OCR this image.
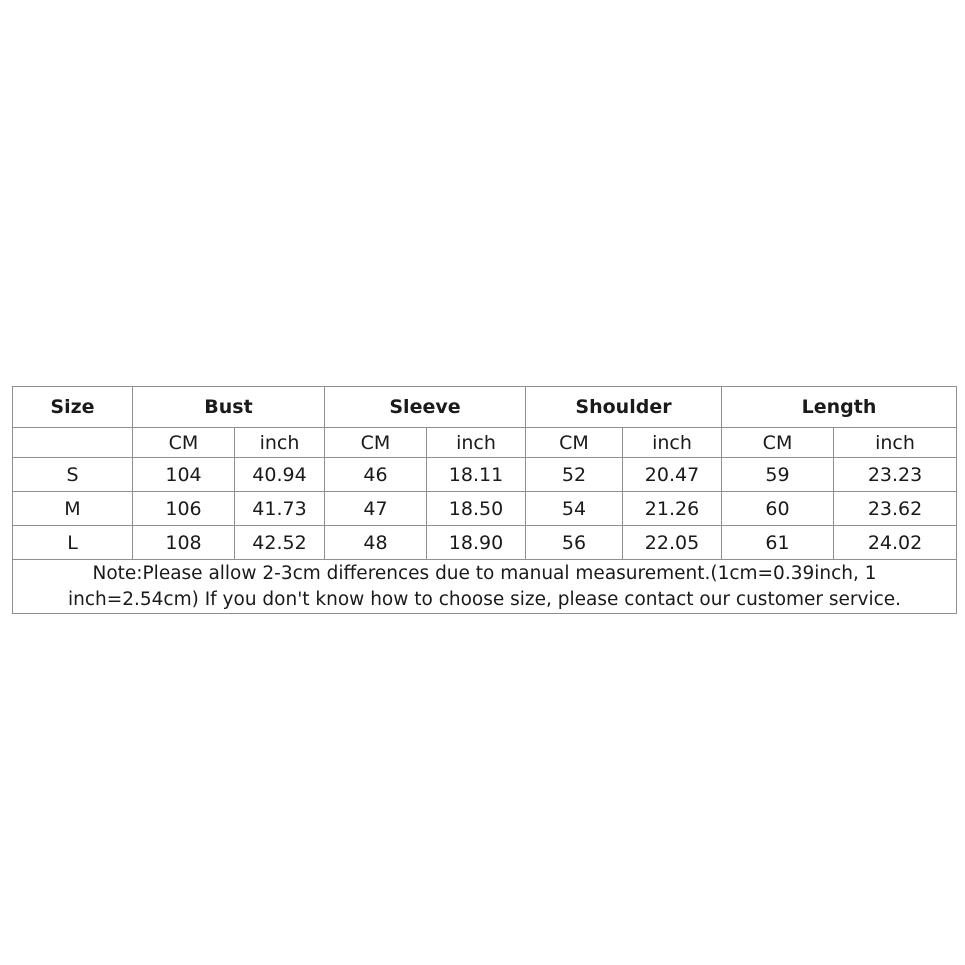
Size	Bust		Sleeve		Shoulder		Length	
	CM	inch	CM	inch	CM	inch	CM	inch
S	104	40.94	46	18.11	52	20.47	59	23.23
M	106	41.73	47	18.50	54	21.26	60	23.62
L	108	42.52	48	18.90	56	22.05	61	24.02
Note:Please allow 2-3cm differences due to manual measurement.(1cm=0.39inch, 1 inch=2.54cm) If you don't know how to choose size, please contact our customer service.								
